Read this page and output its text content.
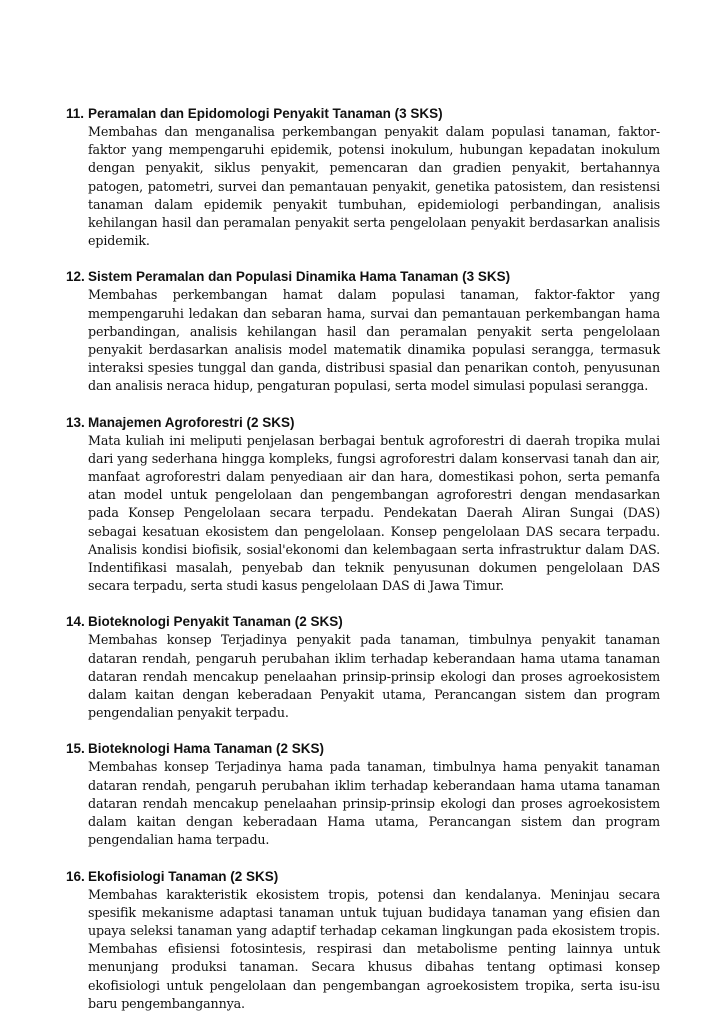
11. Peramalan dan Epidomologi Penyakit Tanaman (3 SKS)
Membahas dan menganalisa perkembangan penyakit dalam populasi tanaman, faktor-faktor yang mempengaruhi epidemik, potensi inokulum, hubungan kepadatan inokulum dengan penyakit, siklus penyakit, pemencaran dan gradien penyakit, bertahannya patogen, patometri, survei dan pemantauan penyakit, genetika patosistem, dan resistensi tanaman dalam epidemik penyakit tumbuhan, epidemiologi perbandingan, analisis kehilangan hasil dan peramalan penyakit serta pengelolaan penyakit berdasarkan analisis epidemik.
12. Sistem Peramalan dan Populasi Dinamika Hama Tanaman (3 SKS)
Membahas perkembangan hamat dalam populasi tanaman, faktor-faktor yang mempengaruhi ledakan dan sebaran hama, survai dan pemantauan perkembangan hama perbandingan, analisis kehilangan hasil dan peramalan penyakit serta pengelolaan penyakit berdasarkan analisis model matematik dinamika populasi serangga, termasuk interaksi spesies tunggal dan ganda, distribusi spasial dan penarikan contoh, penyusunan dan analisis neraca hidup, pengaturan populasi, serta model simulasi populasi serangga.
13. Manajemen Agroforestri (2 SKS)
Mata kuliah ini meliputi penjelasan berbagai bentuk agroforestri di daerah tropika mulai dari yang sederhana hingga kompleks, fungsi agroforestri dalam konservasi tanah dan air, manfaat agroforestri dalam penyediaan air dan hara, domestikasi pohon, serta pemanfa atan model untuk pengelolaan dan pengembangan agroforestri dengan mendasarkan pada Konsep Pengelolaan secara terpadu. Pendekatan Daerah Aliran Sungai (DAS) sebagai kesatuan ekosistem dan pengelolaan. Konsep pengelolaan DAS secara terpadu. Analisis kondisi biofisik, sosial'ekonomi dan kelembagaan serta infrastruktur dalam DAS. Indentifikasi masalah, penyebab dan teknik penyusunan dokumen pengelolaan DAS secara terpadu, serta studi kasus pengelolaan DAS di Jawa Timur.
14. Bioteknologi Penyakit Tanaman (2 SKS)
Membahas konsep Terjadinya penyakit pada tanaman, timbulnya penyakit tanaman dataran rendah, pengaruh perubahan iklim terhadap keberandaan hama utama tanaman dataran rendah mencakup penelaahan prinsip-prinsip ekologi dan proses agroekosistem dalam kaitan dengan keberadaan Penyakit utama, Perancangan sistem dan program pengendalian penyakit terpadu.
15. Bioteknologi Hama Tanaman (2 SKS)
Membahas konsep Terjadinya hama pada tanaman, timbulnya hama penyakit tanaman dataran rendah, pengaruh perubahan iklim terhadap keberandaan hama utama tanaman dataran rendah mencakup penelaahan prinsip-prinsip ekologi dan proses agroekosistem dalam kaitan dengan keberadaan Hama utama, Perancangan sistem dan program pengendalian hama terpadu.
16. Ekofisiologi Tanaman (2 SKS)
Membahas karakteristik ekosistem tropis, potensi dan kendalanya. Meninjau secara spesifik mekanisme adaptasi tanaman untuk tujuan budidaya tanaman yang efisien dan upaya seleksi tanaman yang adaptif terhadap cekaman lingkungan pada ekosistem tropis. Membahas efisiensi fotosintesis, respirasi dan metabolisme penting lainnya untuk menunjang produksi tanaman. Secara khusus dibahas tentang optimasi konsep ekofisiologi untuk pengelolaan dan pengembangan agroekosistem tropika, serta isu-isu baru pengembangannya.
